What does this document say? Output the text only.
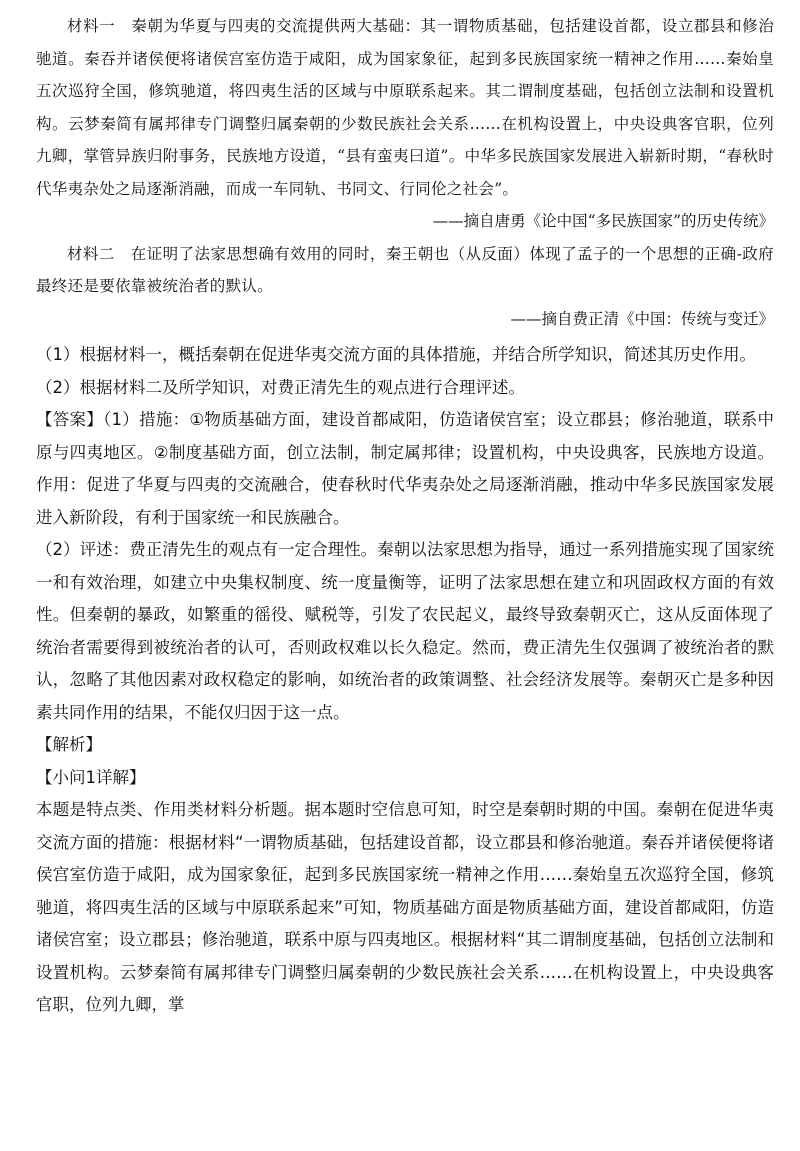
材料一　秦朝为华夏与四夷的交流提供两大基础：其一谓物质基础，包括建设首都，设立郡县和修治驰道。秦吞并诸侯便将诸侯宫室仿造于咸阳，成为国家象征，起到多民族国家统一精神之作用……秦始皇五次巡狩全国，修筑驰道，将四夷生活的区域与中原联系起来。其二谓制度基础，包括创立法制和设置机构。云梦秦简有属邦律专门调整归属秦朝的少数民族社会关系……在机构设置上，中央设典客官职，位列九卿，掌管异族归附事务，民族地方设道，“县有蛮夷曰道”。中华多民族国家发展进入崭新时期，“春秋时代华夷杂处之局逐渐消融，而成一车同轨、书同文、行同伦之社会”。

——摘自唐勇《论中国“多民族国家”的历史传统》

材料二　在证明了法家思想确有效用的同时，秦王朝也（从反面）体现了孟子的一个思想的正确-政府最终还是要依靠被统治者的默认。

——摘自费正清《中国：传统与变迁》

（1）根据材料一，概括秦朝在促进华夷交流方面的具体措施，并结合所学知识，简述其历史作用。

（2）根据材料二及所学知识，对费正清先生的观点进行合理评述。

【答案】（1）措施：①物质基础方面，建设首都咸阳，仿造诸侯宫室；设立郡县；修治驰道，联系中原与四夷地区。②制度基础方面，创立法制，制定属邦律；设置机构，中央设典客，民族地方设道。作用：促进了华夏与四夷的交流融合，使春秋时代华夷杂处之局逐渐消融，推动中华多民族国家发展进入新阶段，有利于国家统一和民族融合。

（2）评述：费正清先生的观点有一定合理性。秦朝以法家思想为指导，通过一系列措施实现了国家统一和有效治理，如建立中央集权制度、统一度量衡等，证明了法家思想在建立和巩固政权方面的有效性。但秦朝的暴政，如繁重的徭役、赋税等，引发了农民起义，最终导致秦朝灭亡，这从反面体现了统治者需要得到被统治者的认可，否则政权难以长久稳定。然而，费正清先生仅强调了被统治者的默认，忽略了其他因素对政权稳定的影响，如统治者的政策调整、社会经济发展等。秦朝灭亡是多种因素共同作用的结果，不能仅归因于这一点。

【解析】

【小问1详解】

本题是特点类、作用类材料分析题。据本题时空信息可知，时空是秦朝时期的中国。秦朝在促进华夷交流方面的措施：根据材料“一谓物质基础，包括建设首都，设立郡县和修治驰道。秦吞并诸侯便将诸侯宫室仿造于咸阳，成为国家象征，起到多民族国家统一精神之作用……秦始皇五次巡狩全国，修筑驰道，将四夷生活的区域与中原联系起来”可知，物质基础方面是物质基础方面，建设首都咸阳，仿造诸侯宫室；设立郡县；修治驰道，联系中原与四夷地区。根据材料“其二谓制度基础，包括创立法制和设置机构。云梦秦简有属邦律专门调整归属秦朝的少数民族社会关系……在机构设置上，中央设典客官职，位列九卿，掌
